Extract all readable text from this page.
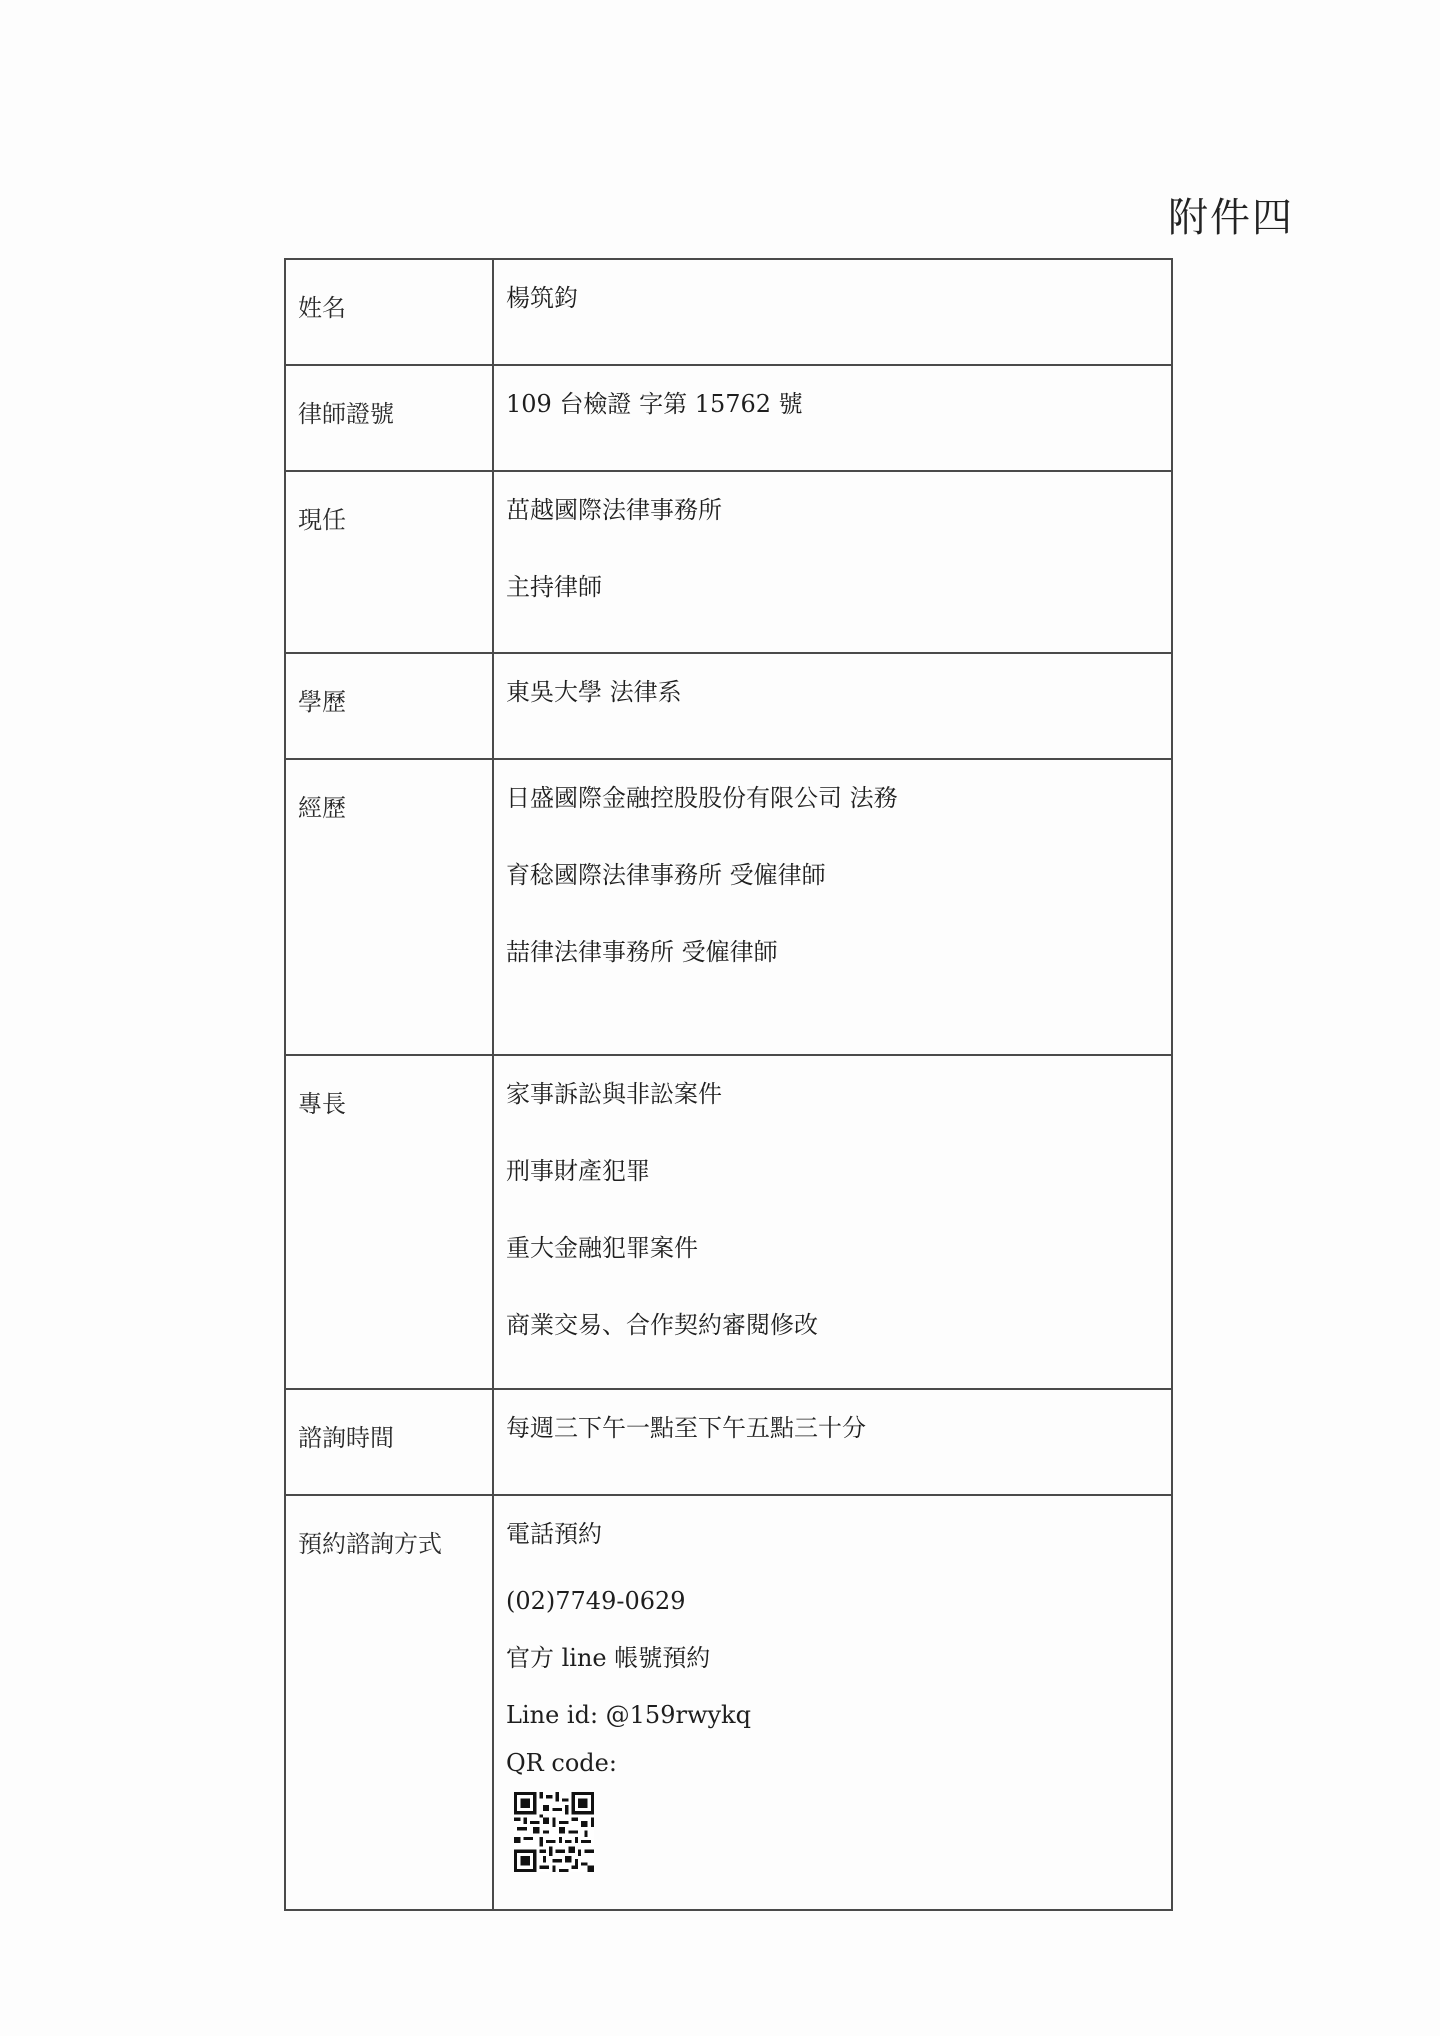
附件四
姓名	楊筑鈞

律師證號	109 台檢證 字第 15762 號

現任	茁越國際法律事務所
主持律師

學歷	東吳大學 法律系

經歷	日盛國際金融控股股份有限公司 法務
育稔國際法律事務所 受僱律師
喆律法律事務所 受僱律師

專長	家事訴訟與非訟案件
刑事財產犯罪
重大金融犯罪案件
商業交易、合作契約審閱修改

諮詢時間	每週三下午一點至下午五點三十分

預約諮詢方式	電話預約
(02)7749-0629
官方 line 帳號預約
Line id: @159rwykq
QR code:
